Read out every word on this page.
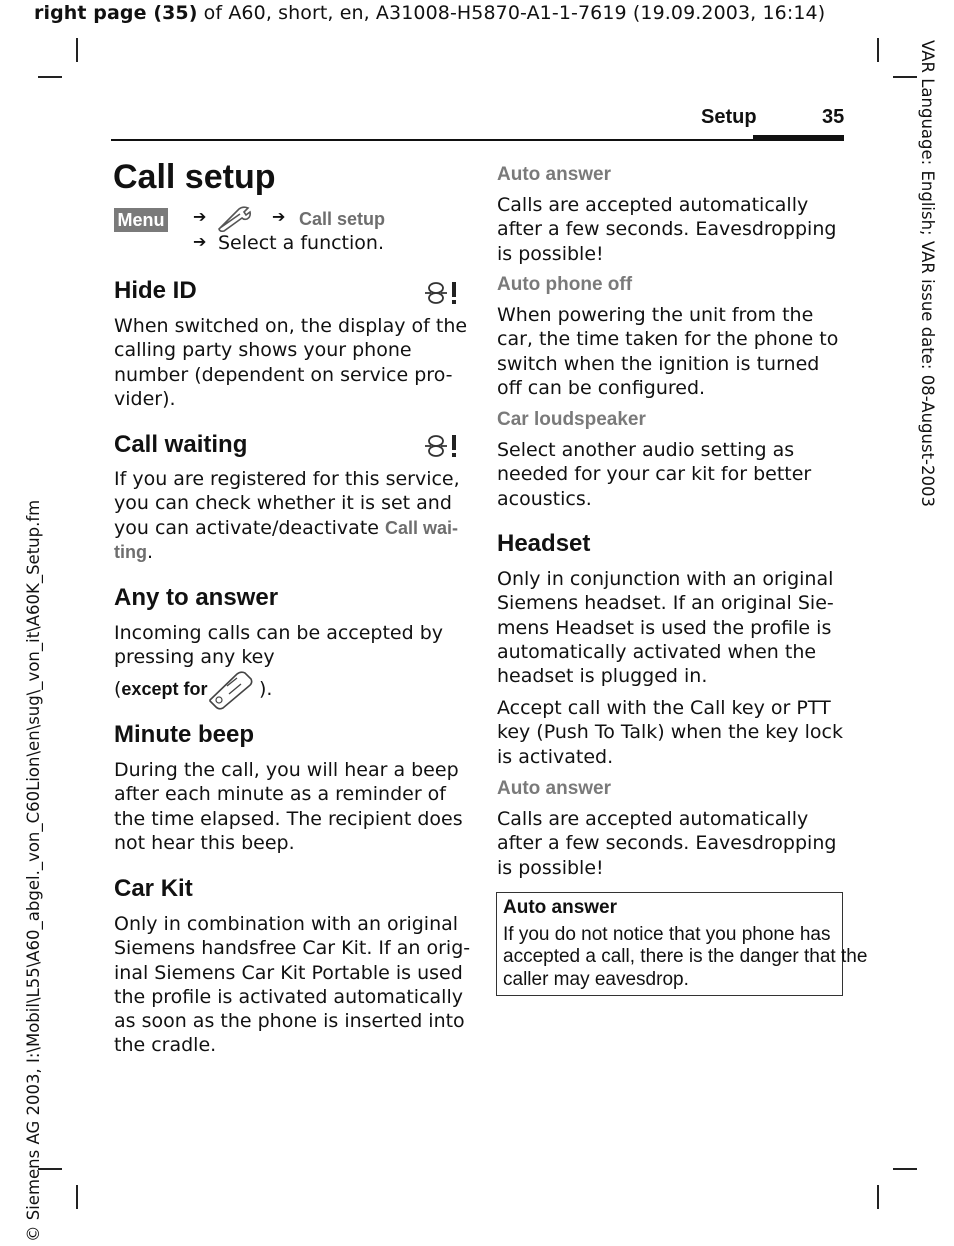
right page (35) of A60, short, en, A31008-H5870-A1-1-7619 (19.09.2003, 16:14)
VAR Language: English; VAR issue date: 08-August-2003
© Siemens AG 2003, I:\Mobil\L55\A60_abgel._von_C60Lion\en\sug\_von_it\A60K_Setup.fm
Setup	35
Call setup
Menu ➔	➔ Call setup
➔ Select a function.
Hide ID

When switched on, the display of the

calling party shows your phone

number (dependent on service pro-

vider).

Call waiting

If you are registered for this service,

you can check whether it is set and

you can activate/deactivate Call wai-

ting.

Any to answer

Incoming calls can be accepted by

pressing any key

(except for	).
Minute beep

During the call, you will hear a beep

after each minute as a reminder of

the time elapsed. The recipient does

not hear this beep.

Car Kit

Only in combination with an original

Siemens handsfree Car Kit. If an orig-

inal Siemens Car Kit Portable is used

the profile is activated automatically

as soon as the phone is inserted into

the cradle.

Auto answer

Calls are accepted automatically

after a few seconds. Eavesdropping

is possible!

Auto phone off

When powering the unit from the

car, the time taken for the phone to

switch when the ignition is turned

off can be configured.

Car loudspeaker

Select another audio setting as

needed for your car kit for better

acoustics.

Headset

Only in conjunction with an original

Siemens headset. If an original Sie-

mens Headset is used the profile is

automatically activated when the

headset is plugged in.

Accept call with the Call key or PTT

key (Push To Talk) when the key lock

is activated.

Auto answer

Calls are accepted automatically

after a few seconds. Eavesdropping

is possible!

Auto answer

If you do not notice that you phone has

accepted a call, there is the danger that the

caller may eavesdrop.
